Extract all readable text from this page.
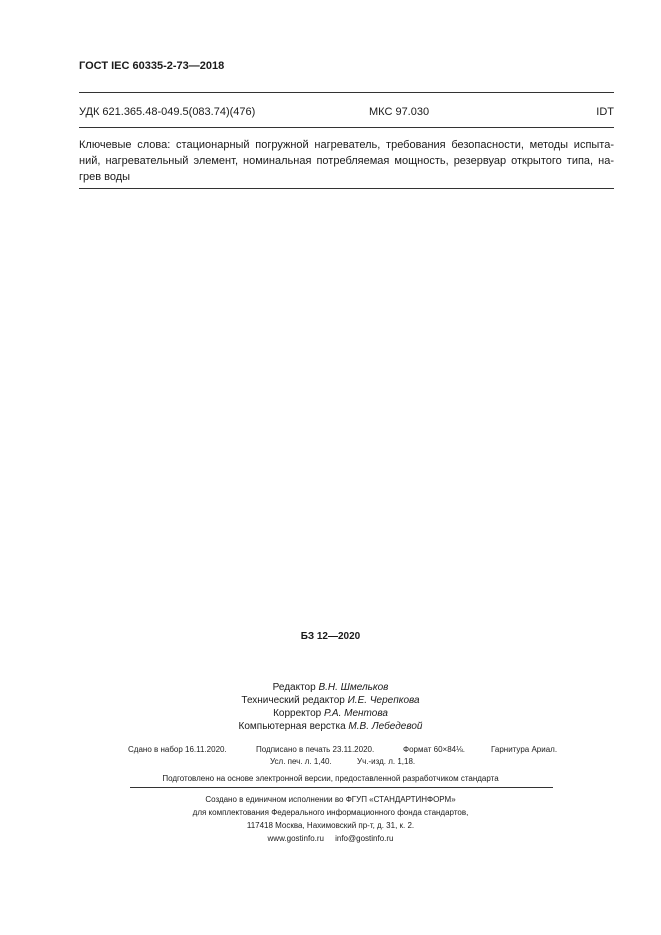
ГОСТ IEC 60335-2-73—2018
УДК 621.365.48-049.5(083.74)(476)	МКС 97.030	IDT
Ключевые слова: стационарный погружной нагреватель, требования безопасности, методы испыта-
ний, нагревательный элемент, номинальная потребляемая мощность, резервуар открытого типа, на-
грев воды
БЗ 12—2020
Редактор В.Н. Шмельков
Технический редактор И.Е. Черепкова
Корректор Р.А. Ментова
Компьютерная верстка М.В. Лебедевой
Сдано в набор 16.11.2020.	Подписано в печать 23.11.2020.	Формат 60×84⅛.	Гарнитура Ариал.
Усл. печ. л. 1,40.	Уч.-изд. л. 1,18.
Подготовлено на основе электронной версии, предоставленной разработчиком стандарта
Создано в единичном исполнении во ФГУП «СТАНДАРТИНФОРМ»
для комплектования Федерального информационного фонда стандартов,
117418 Москва, Нахимовский пр-т, д. 31, к. 2.
www.gostinfo.ru info@gostinfo.ru
